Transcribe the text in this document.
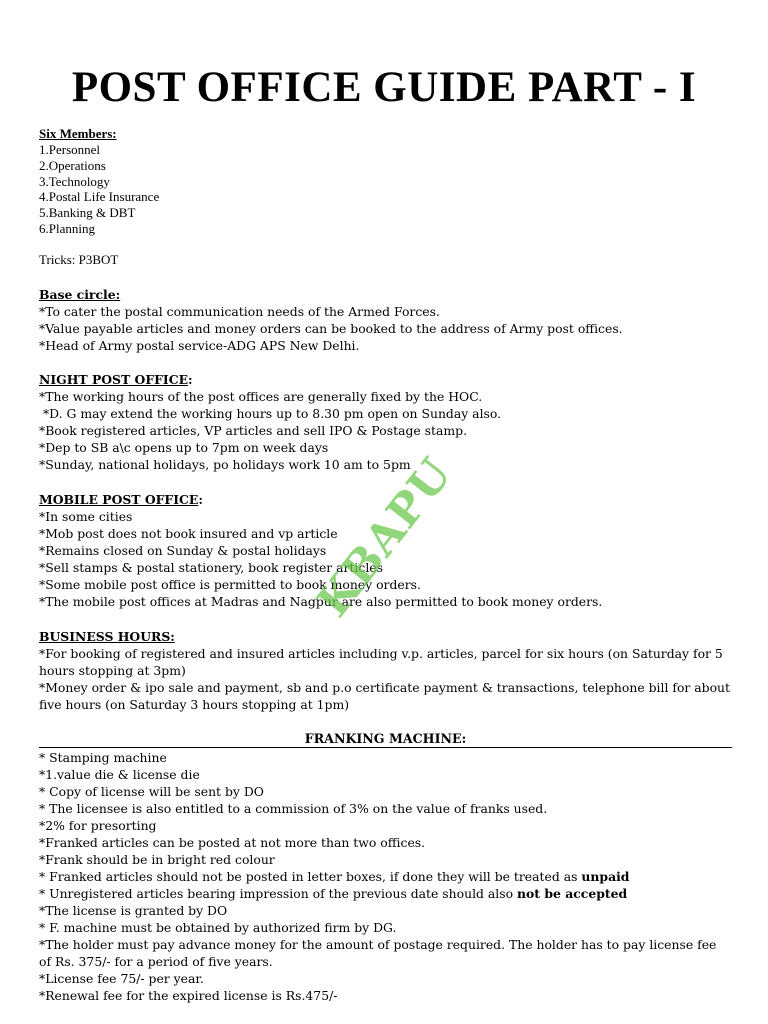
POST OFFICE GUIDE PART - I
Six Members:
1.Personnel
2.Operations
3.Technology
4.Postal Life Insurance
5.Banking & DBT
6.Planning
Tricks: P3BOT
Base circle:
*To cater the postal communication needs of the Armed Forces.
*Value payable articles and money orders can be booked to the address of Army post offices.
*Head of Army postal service-ADG APS New Delhi.
NIGHT POST OFFICE:
*The working hours of the post offices are generally fixed by the HOC.
*D. G may extend the working hours up to 8.30 pm open on Sunday also.
*Book registered articles, VP articles and sell IPO & Postage stamp.
*Dep to SB a\c opens up to 7pm on week days
*Sunday, national holidays, po holidays work 10 am to 5pm
MOBILE POST OFFICE:
*In some cities
*Mob post does not book insured and vp article
*Remains closed on Sunday & postal holidays
*Sell stamps & postal stationery, book register articles
*Some mobile post office is permitted to book money orders.
*The mobile post offices at Madras and Nagpur are also permitted to book money orders.
BUSINESS HOURS:
*For booking of registered and insured articles including v.p. articles, parcel for six hours (on Saturday for 5 hours stopping at 3pm)
*Money order & ipo sale and payment, sb and p.o certificate payment & transactions, telephone bill for about five hours (on Saturday 3 hours stopping at 1pm)
FRANKING MACHINE:
* Stamping machine
*1.value die & license die
* Copy of license will be sent by DO
* The licensee is also entitled to a commission of 3% on the value of franks used.
*2% for presorting
*Franked articles can be posted at not more than two offices.
*Frank should be in bright red colour
* Franked articles should not be posted in letter boxes, if done they will be treated as unpaid
* Unregistered articles bearing impression of the previous date should also not be accepted
*The license is granted by DO
* F. machine must be obtained by authorized firm by DG.
*The holder must pay advance money for the amount of postage required. The holder has to pay license fee of Rs. 375/- for a period of five years.
*License fee 75/- per year.
*Renewal fee for the expired license is Rs.475/-
KBAPU
